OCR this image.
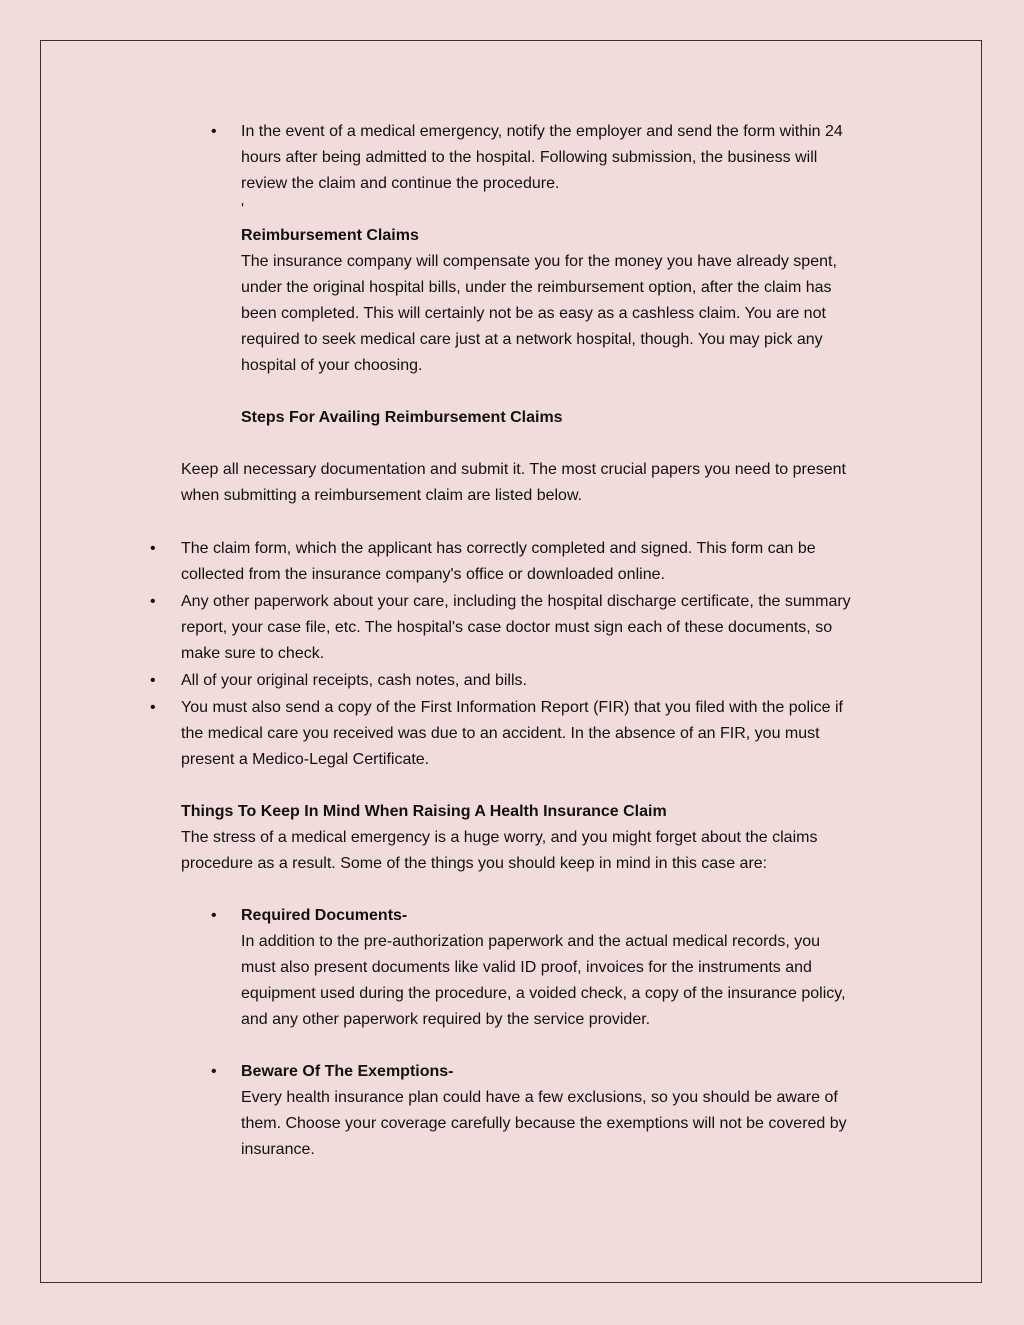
• In the event of a medical emergency, notify the employer and send the form within 24
hours after being admitted to the hospital. Following submission, the business will
review the claim and continue the procedure.
'
Reimbursement Claims
The insurance company will compensate you for the money you have already spent,
under the original hospital bills, under the reimbursement option, after the claim has
been completed. This will certainly not be as easy as a cashless claim. You are not
required to seek medical care just at a network hospital, though. You may pick any
hospital of your choosing.
Steps For Availing Reimbursement Claims
Keep all necessary documentation and submit it. The most crucial papers you need to present
when submitting a reimbursement claim are listed below.
• The claim form, which the applicant has correctly completed and signed. This form can be
collected from the insurance company's office or downloaded online.
• Any other paperwork about your care, including the hospital discharge certificate, the summary
report, your case file, etc. The hospital's case doctor must sign each of these documents, so
make sure to check.
• All of your original receipts, cash notes, and bills.
• You must also send a copy of the First Information Report (FIR) that you filed with the police if
the medical care you received was due to an accident. In the absence of an FIR, you must
present a Medico-Legal Certificate.
Things To Keep In Mind When Raising A Health Insurance Claim
The stress of a medical emergency is a huge worry, and you might forget about the claims
procedure as a result. Some of the things you should keep in mind in this case are:
• Required Documents-
In addition to the pre-authorization paperwork and the actual medical records, you
must also present documents like valid ID proof, invoices for the instruments and
equipment used during the procedure, a voided check, a copy of the insurance policy,
and any other paperwork required by the service provider.
• Beware Of The Exemptions-
Every health insurance plan could have a few exclusions, so you should be aware of
them. Choose your coverage carefully because the exemptions will not be covered by
insurance.
